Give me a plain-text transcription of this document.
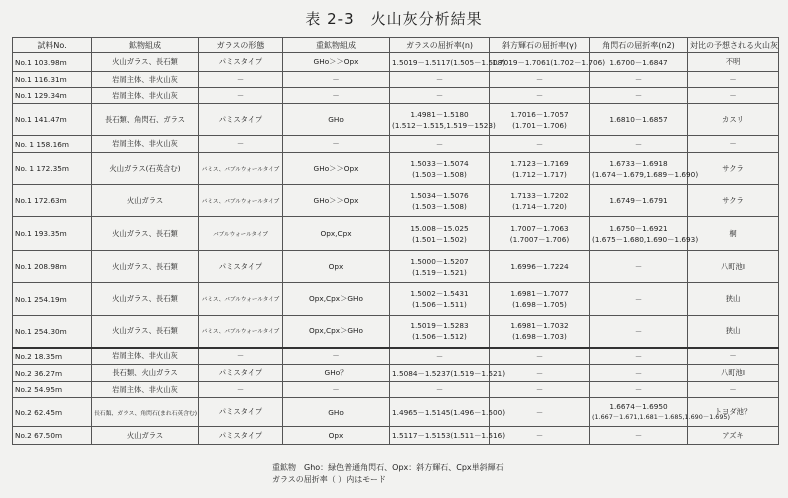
表 2-3　火山灰分析結果
試料No.	鉱物組成	ガラスの形態	重鉱物組成	ガラスの屈折率(n)	斜方輝石の屈折率(γ)	角閃石の屈折率(n2)	対比の予想される火山灰
No.1 103.98m	火山ガラス、長石類	パミスタイプ	GHo＞＞Opx	1.5019－1.5117(1.505－1.508)	1.7019－1.7061(1.702－1.706)	1.6700－1.6847	不明
No.1 116.31m	岩屑主体、非火山灰	－	－	－	－	－	－
No.1 129.34m	岩屑主体、非火山灰	－	－	－	－	－	－
No.1 141.47m	長石類、角閃石、ガラス	パミスタイプ	GHo	1.4981－1.5180
(1.512－1.515,1.519－1523)	1.7016－1.7057
(1.701－1.706)	1.6810－1.6857	カスリ
No. 1 158.16m	岩屑主体、非火山灰	－	－	－	－	－	－
No. 1 172.35m	火山ガラス(石英含む)	パミス、バブルウォールタイプ	GHo＞＞Opx	1.5033－1.5074
(1.503－1.508)	1.7123－1.7169
(1.712－1.717)	1.6733－1.6918
(1.674－1.679,1.689－1.690)	サクラ
No.1 172.63m	火山ガラス	パミス、バブルウォールタイプ	GHo＞＞Opx	1.5034－1.5076
(1.503－1.508)	1.7133－1.7202
(1.714－1.720)	1.6749－1.6791	サクラ
No.1 193.35m	火山ガラス、長石類	バブルウォールタイプ	Opx,Cpx	15.008－15.025
(1.501－1.502)	1.7007－1.7063
(1.7007－1.706)	1.6750－1.6921
(1.675－1.680,1.690－1.693)	桐
No.1 208.98m	火山ガラス、長石類	パミスタイプ	Opx	1.5000－1.5207
(1.519－1.521)	1.6996－1.7224	－	八町池Ⅰ
No.1 254.19m	火山ガラス、長石類	パミス、バブルウォールタイプ	Opx,Cpx＞GHo	1.5002－1.5431
(1.506－1.511)	1.6981－1.7077
(1.698－1.705)	－	狭山
No.1 254.30m	火山ガラス、長石類	パミス、バブルウォールタイプ	Opx,Cpx＞GHo	1.5019－1.5283
(1.506－1.512)	1.6981－1.7032
(1.698－1.703)	－	狭山
No.2 18.35m	岩屑主体、非火山灰	－	－	－	－	－	－
No.2 36.27m	長石類、火山ガラス	パミスタイプ	GHo？	1.5084－1.5237(1.519－1.521)	－	－	八町池Ⅰ
No.2 54.95m	岩屑主体、非火山灰	－	－	－	－	－	－
No.2 62.45m	長石類、ガラス、角閃石(まれ石英含む)	パミスタイプ	GHo	1.4965－1.5145(1.496－1.500)	－	1.6674－1.6950
(1.667－1.671,1.681－1.685,1.690－1.695)	トヨダ池？
No.2 67.50m	火山ガラス	パミスタイプ	Opx	1.5117－1.5153(1.511－1.516)	－	－	アズキ
重鉱物　Gho：緑色普通角閃石、Opx：斜方輝石、Cpx単斜輝石
ガラスの屈折率（ ）内はモード
